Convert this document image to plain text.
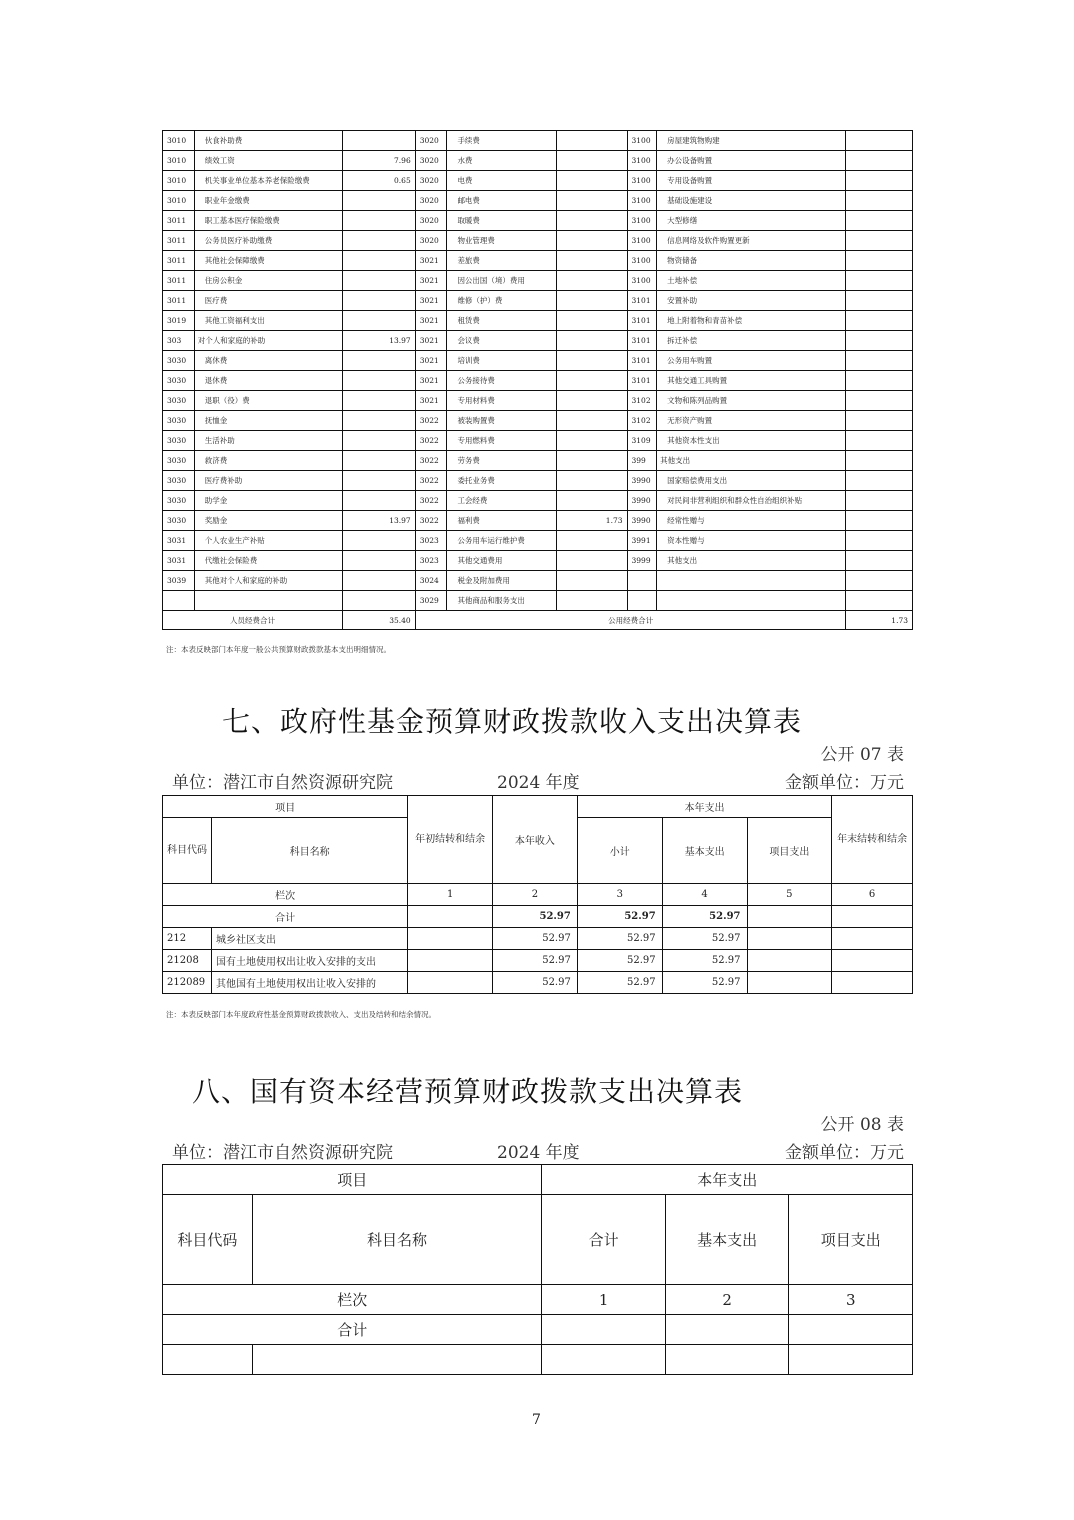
3010	伙食补助费		3020	手续费		3100	房屋建筑物购建	
3010	绩效工资	7.96	3020	水费		3100	办公设备购置	
3010	机关事业单位基本养老保险缴费	0.65	3020	电费		3100	专用设备购置	
3010	职业年金缴费		3020	邮电费		3100	基础设施建设	
3011	职工基本医疗保险缴费		3020	取暖费		3100	大型修缮	
3011	公务员医疗补助缴费		3020	物业管理费		3100	信息网络及软件购置更新	
3011	其他社会保障缴费		3021	差旅费		3100	物资储备	
3011	住房公积金		3021	因公出国（境）费用		3100	土地补偿	
3011	医疗费		3021	维修（护）费		3101	安置补助	
3019	其他工资福利支出		3021	租赁费		3101	地上附着物和青苗补偿	
303	对个人和家庭的补助	13.97	3021	会议费		3101	拆迁补偿	
3030	离休费		3021	培训费		3101	公务用车购置	
3030	退休费		3021	公务接待费		3101	其他交通工具购置	
3030	退职（役）费		3021	专用材料费		3102	文物和陈列品购置	
3030	抚恤金		3022	被装购置费		3102	无形资产购置	
3030	生活补助		3022	专用燃料费		3109	其他资本性支出	
3030	救济费		3022	劳务费		399	其他支出	
3030	医疗费补助		3022	委托业务费		3990	国家赔偿费用支出	
3030	助学金		3022	工会经费		3990	对民间非营利组织和群众性自治组织补贴	
3030	奖励金	13.97	3022	福利费	1.73	3990	经常性赠与	
3031	个人农业生产补贴		3023	公务用车运行维护费		3991	资本性赠与	
3031	代缴社会保险费		3023	其他交通费用		3999	其他支出	
3039	其他对个人和家庭的补助		3024	税金及附加费用				
			3029	其他商品和服务支出				
人员经费合计		35.40	公用经费合计					1.73
注：本表反映部门本年度一般公共预算财政拨款基本支出明细情况。
七、政府性基金预算财政拨款收入支出决算表
公开 07 表
单位：潜江市自然资源研究院	2024 年度	金额单位：万元
项目		年初结转和结余	本年收入	本年支出			年末结转和结余
科目代码	科目名称			小计	基本支出	项目支出	
栏次		1	2	3	4	5	6
合计			52.97	52.97	52.97		
212	城乡社区支出		52.97	52.97	52.97		
21208	国有土地使用权出让收入安排的支出		52.97	52.97	52.97		
212089	其他国有土地使用权出让收入安排的		52.97	52.97	52.97		
注：本表反映部门本年度政府性基金预算财政拨款收入、支出及结转和结余情况。
八、国有资本经营预算财政拨款支出决算表
公开 08 表
单位：潜江市自然资源研究院	2024 年度	金额单位：万元
项目		本年支出		
科目代码	科目名称	合计	基本支出	项目支出
栏次		1	2	3
合计				

7
